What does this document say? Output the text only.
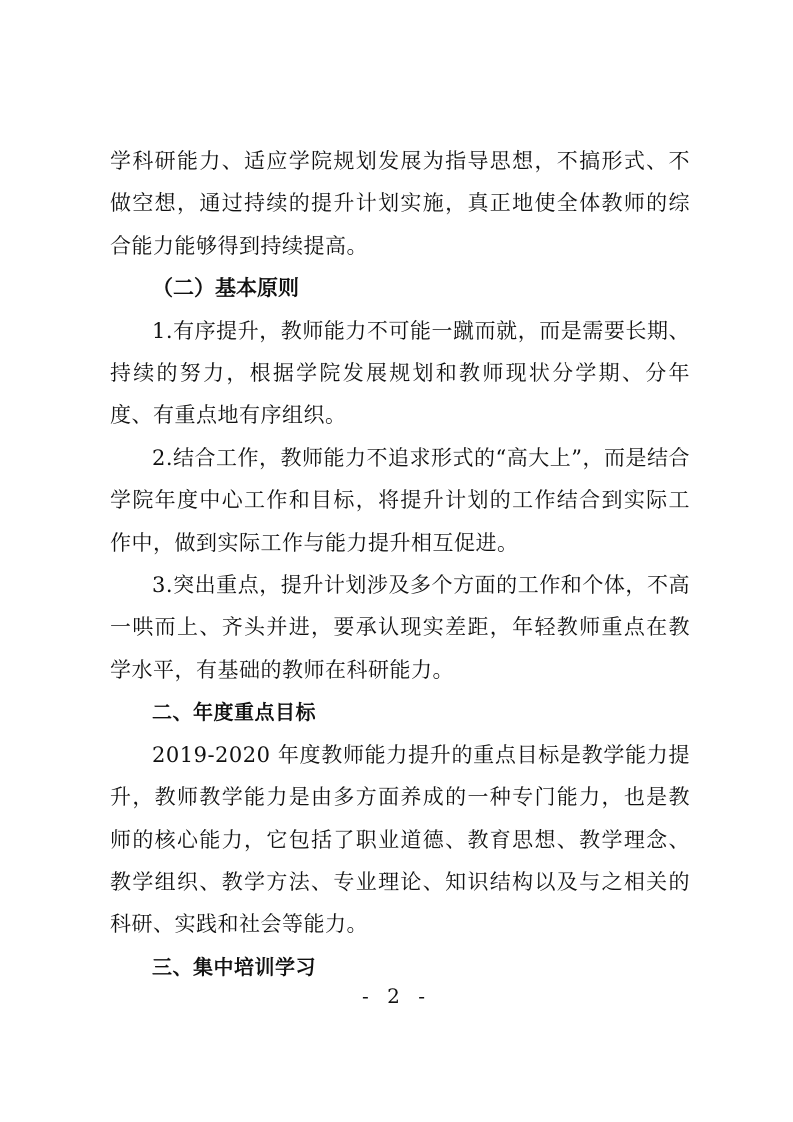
学科研能力、适应学院规划发展为指导思想，不搞形式、不做空想，通过持续的提升计划实施，真正地使全体教师的综合能力能够得到持续提高。

（二）基本原则

1.有序提升，教师能力不可能一蹴而就，而是需要长期、持续的努力，根据学院发展规划和教师现状分学期、分年度、有重点地有序组织。

2.结合工作，教师能力不追求形式的“高大上”，而是结合学院年度中心工作和目标，将提升计划的工作结合到实际工作中，做到实际工作与能力提升相互促进。

3.突出重点，提升计划涉及多个方面的工作和个体，不高一哄而上、齐头并进，要承认现实差距，年轻教师重点在教学水平，有基础的教师在科研能力。

二、年度重点目标

2019-2020 年度教师能力提升的重点目标是教学能力提升，教师教学能力是由多方面养成的一种专门能力，也是教师的核心能力，它包括了职业道德、教育思想、教学理念、教学组织、教学方法、专业理论、知识结构以及与之相关的科研、实践和社会等能力。

三、集中培训学习

- 2 -
